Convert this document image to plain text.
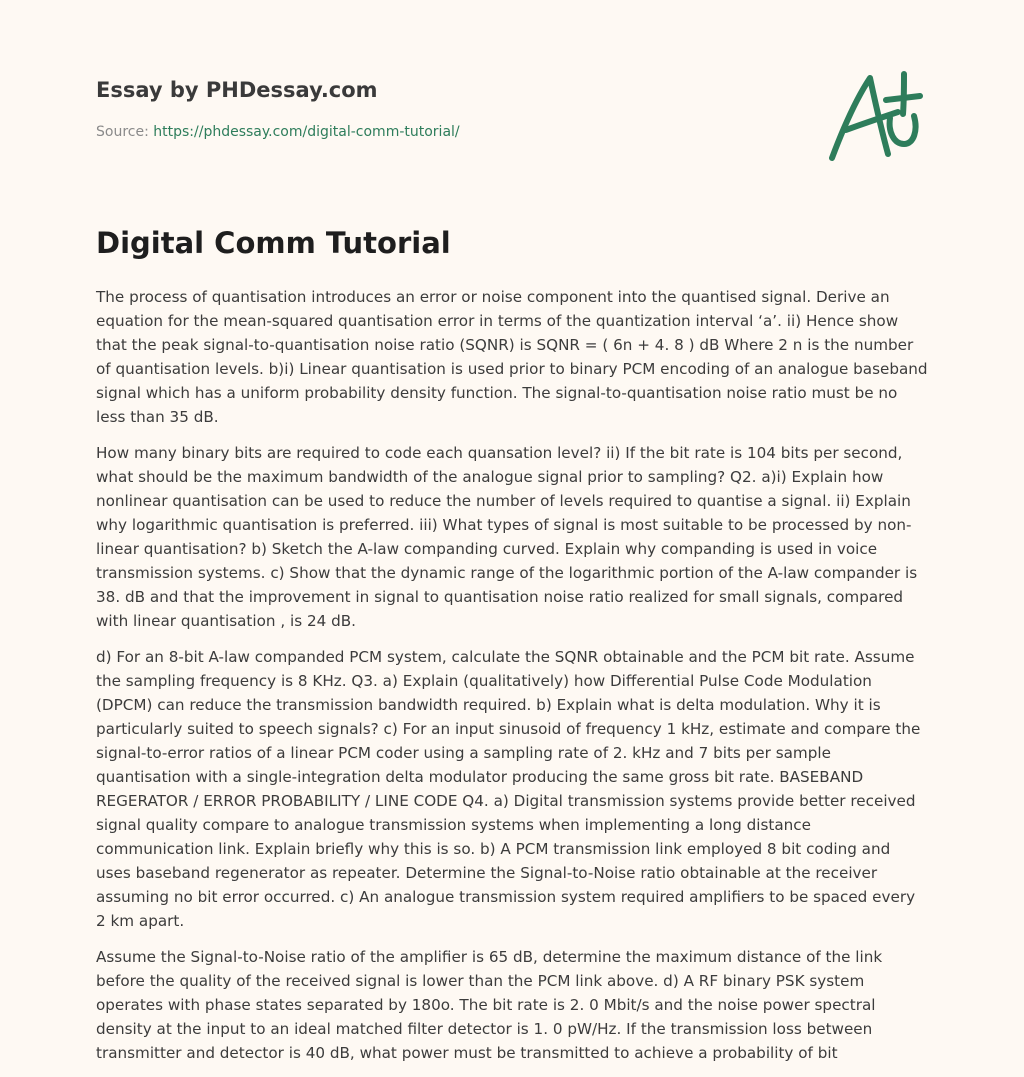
Essay by PHDessay.com
Source: https://phdessay.com/digital-comm-tutorial/
Digital Comm Tutorial

The process of quantisation introduces an error or noise component into the quantised signal. Derive an equation for the mean-squared quantisation error in terms of the quantization interval ‘a’. ii) Hence show that the peak signal-to-quantisation noise ratio (SQNR) is SQNR = ( 6n + 4. 8 ) dB Where 2 n is the number of quantisation levels. b)i) Linear quantisation is used prior to binary PCM encoding of an analogue baseband signal which has a uniform probability density function. The signal-to-quantisation noise ratio must be no less than 35 dB.

How many binary bits are required to code each quansation level? ii) If the bit rate is 104 bits per second, what should be the maximum bandwidth of the analogue signal prior to sampling? Q2. a)i) Explain how nonlinear quantisation can be used to reduce the number of levels required to quantise a signal. ii) Explain why logarithmic quantisation is preferred. iii) What types of signal is most suitable to be processed by non-linear quantisation? b) Sketch the A-law companding curved. Explain why companding is used in voice transmission systems. c) Show that the dynamic range of the logarithmic portion of the A-law compander is 38. dB and that the improvement in signal to quantisation noise ratio realized for small signals, compared with linear quantisation , is 24 dB.

d) For an 8-bit A-law companded PCM system, calculate the SQNR obtainable and the PCM bit rate. Assume the sampling frequency is 8 KHz. Q3. a) Explain (qualitatively) how Differential Pulse Code Modulation (DPCM) can reduce the transmission bandwidth required. b) Explain what is delta modulation. Why it is particularly suited to speech signals? c) For an input sinusoid of frequency 1 kHz, estimate and compare the signal-to-error ratios of a linear PCM coder using a sampling rate of 2. kHz and 7 bits per sample quantisation with a single-integration delta modulator producing the same gross bit rate. BASEBAND REGERATOR / ERROR PROBABILITY / LINE CODE Q4. a) Digital transmission systems provide better received signal quality compare to analogue transmission systems when implementing a long distance communication link. Explain briefly why this is so. b) A PCM transmission link employed 8 bit coding and uses baseband regenerator as repeater. Determine the Signal-to-Noise ratio obtainable at the receiver assuming no bit error occurred. c) An analogue transmission system required amplifiers to be spaced every 2 km apart.

Assume the Signal-to-Noise ratio of the amplifier is 65 dB, determine the maximum distance of the link before the quality of the received signal is lower than the PCM link above. d) A RF binary PSK system operates with phase states separated by 180o. The bit rate is 2. 0 Mbit/s and the noise power spectral density at the input to an ideal matched filter detector is 1. 0 pW/Hz. If the transmission loss between transmitter and detector is 40 dB, what power must be transmitted to achieve a probability of bit
